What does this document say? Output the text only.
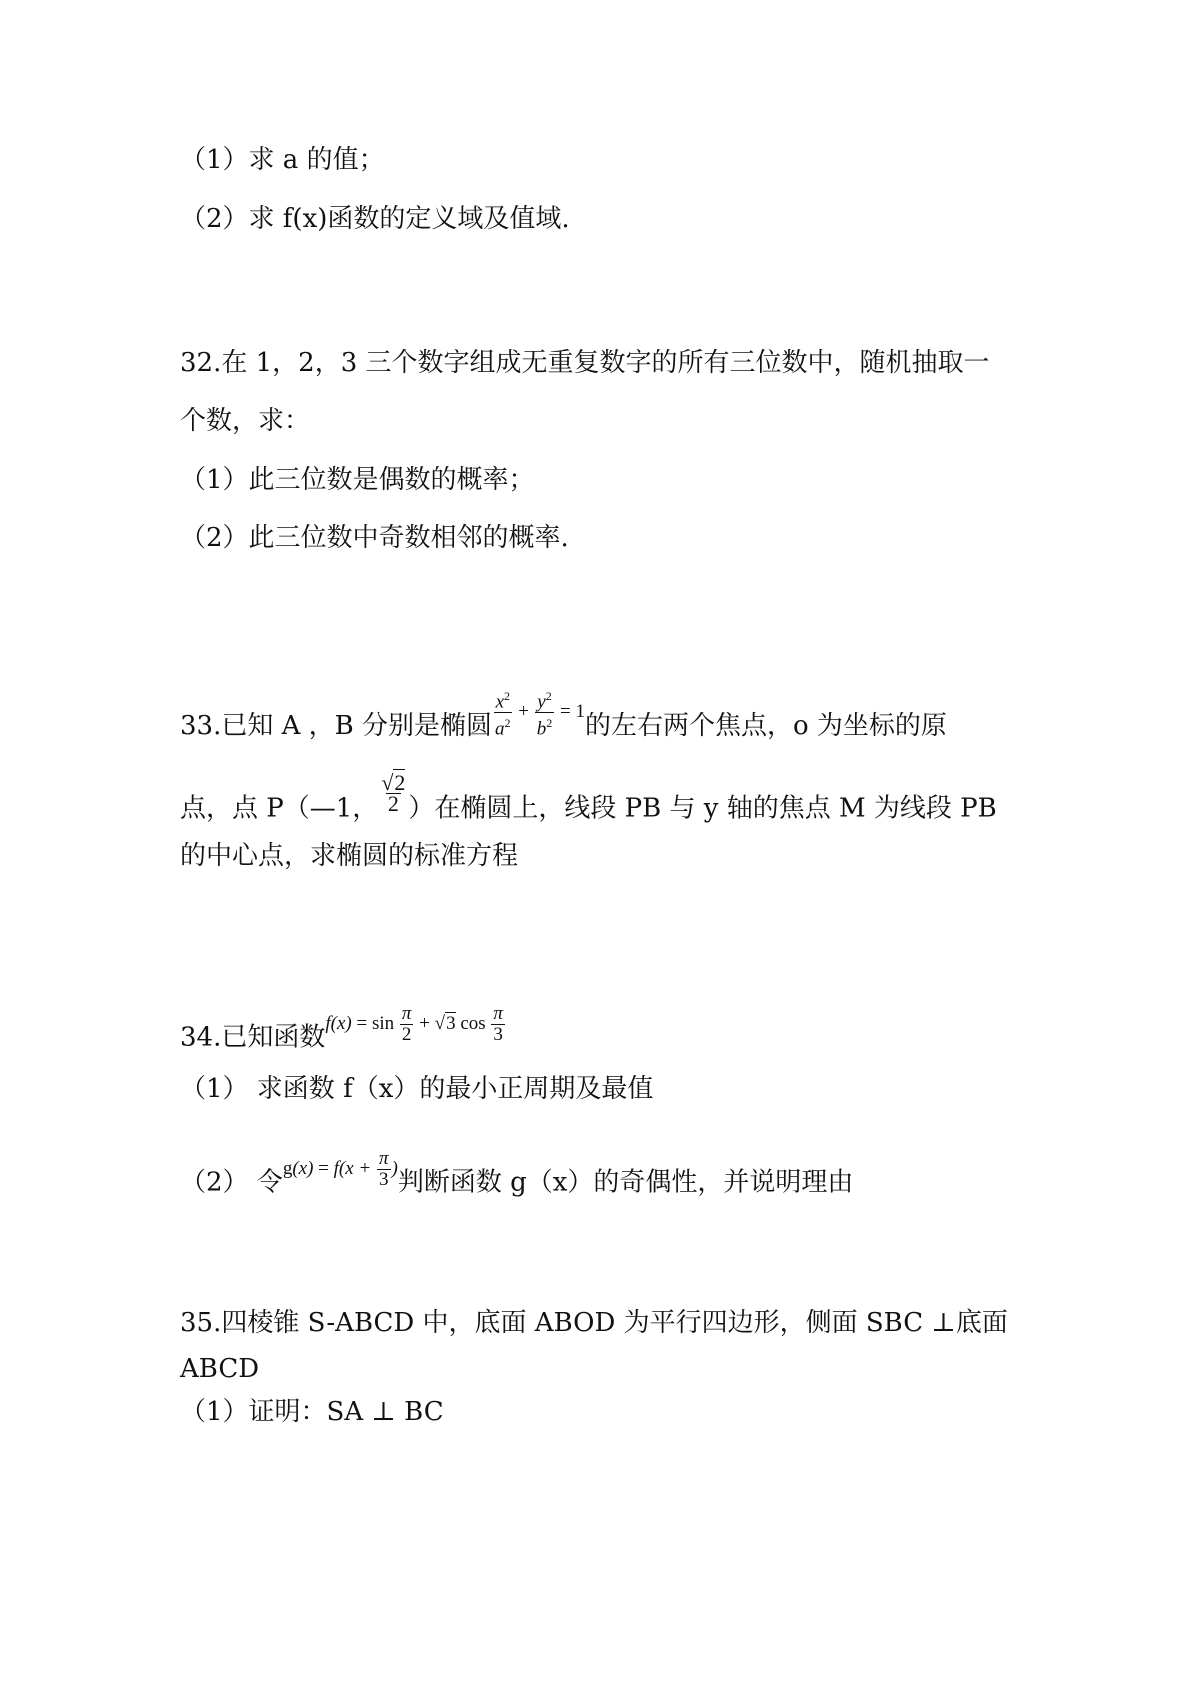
（1）求 a 的值；
（2）求 f(x)函数的定义域及值域.
32.在 1，2，3 三个数字组成无重复数字的所有三位数中，随机抽取一
个数，求：
（1）此三位数是偶数的概率；
（2）此三位数中奇数相邻的概率.
33.已知 A ，B 分别是椭圆 $\frac{x^2}{a^2} + \frac{y^2}{b^2} = 1$的左右两个焦点，o 为坐标的原
点，点 P（—1， $\frac{√2}{2}$ ）在椭圆上，线段 PB 与 y 轴的焦点 M 为线段 PB
的中心点，求椭圆的标准方程
34.已知函数$f(x) = \sin \frac{\pi}{2} + √3$ $\cos \frac{\pi}{3}$
（1） 求函数 f（x）的最小正周期及最值
（2） 令$g(x) = f(x + \frac{\pi}{3}$ )判断函数 g（x）的奇偶性，并说明理由
35.四棱锥 S-ABCD 中，底面 ABOD 为平行四边形，侧面 SBC ⊥底面
ABCD
（1）证明：SA ⊥ BC
